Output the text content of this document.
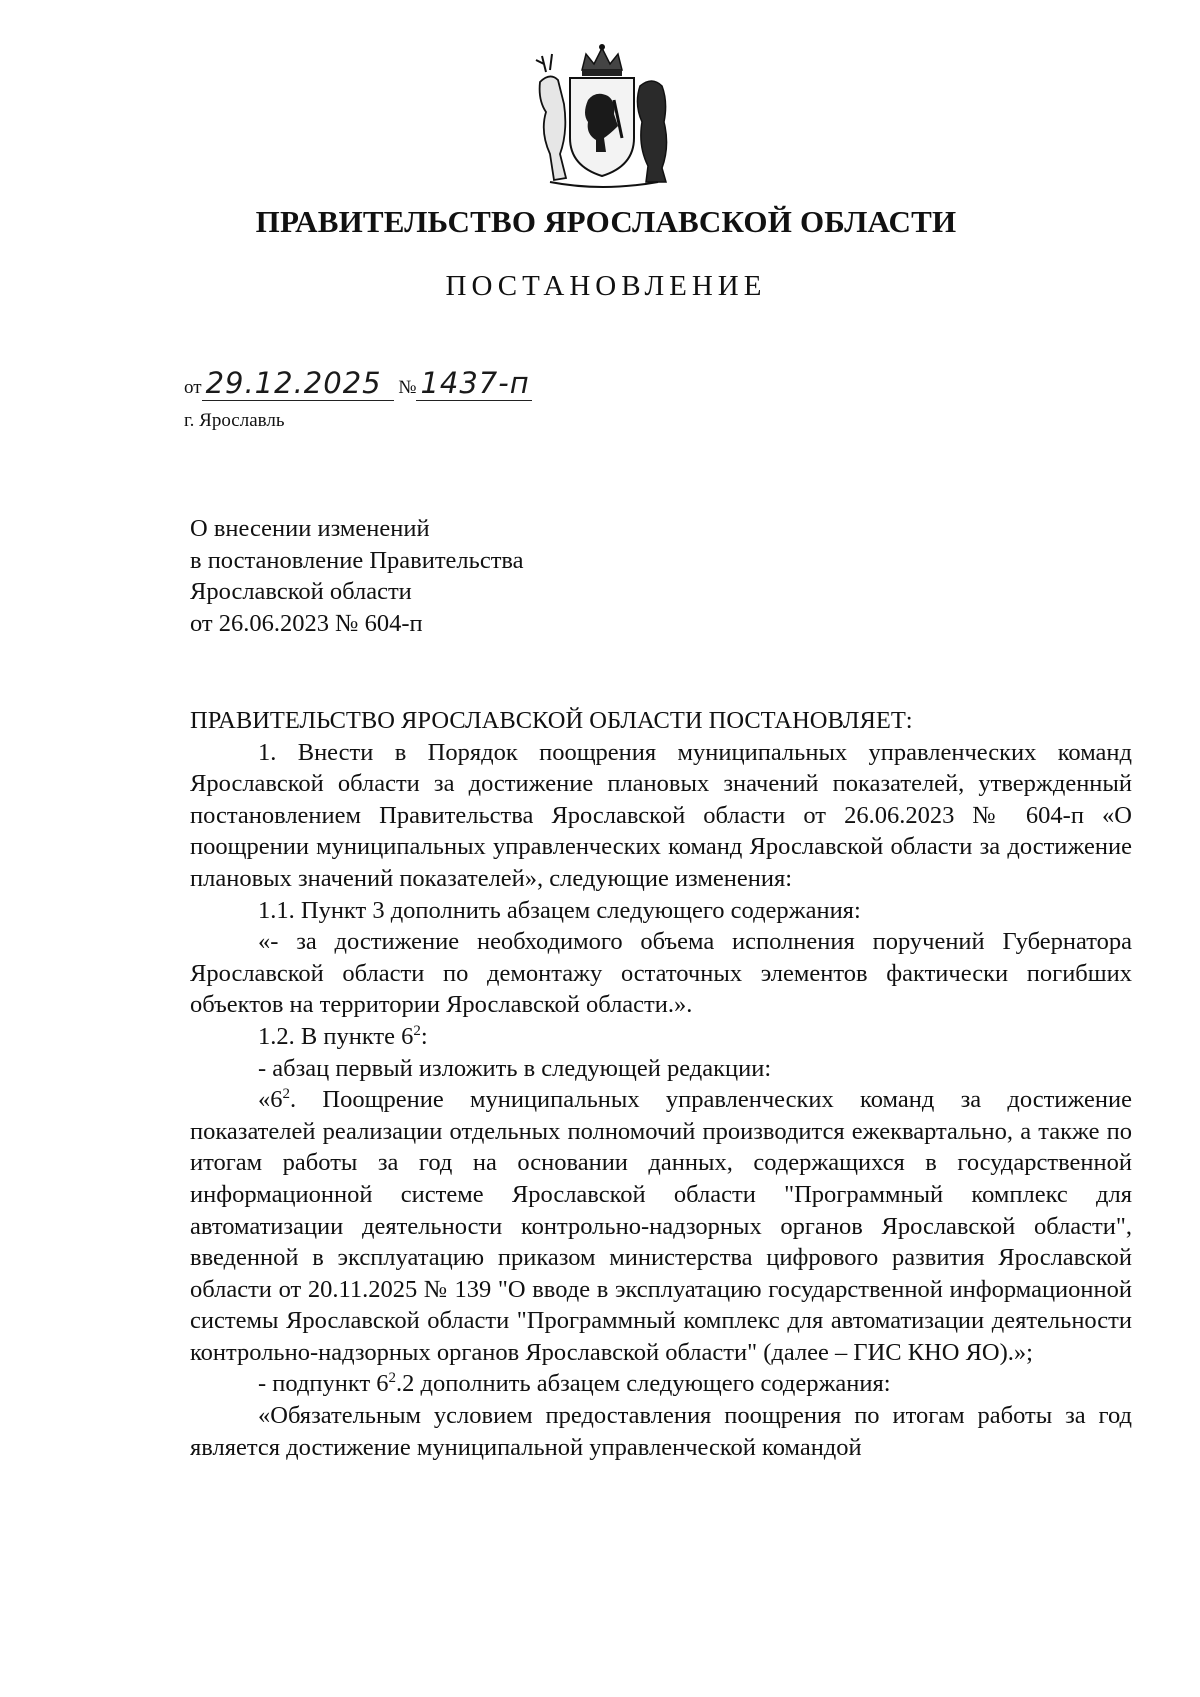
ПРАВИТЕЛЬСТВО ЯРОСЛАВСКОЙ ОБЛАСТИ
ПОСТАНОВЛЕНИЕ
от 29.12.2025 № 1437-п
г. Ярославль
О внесении изменений
в постановление Правительства
Ярославской области
от 26.06.2023 № 604-п

ПРАВИТЕЛЬСТВО ЯРОСЛАВСКОЙ ОБЛАСТИ ПОСТАНОВЛЯЕТ:

1. Внести в Порядок поощрения муниципальных управленческих команд Ярославской области за достижение плановых значений показателей, утвержденный постановлением Правительства Ярославской области от 26.06.2023 № 604-п «О поощрении муниципальных управленческих команд Ярославской области за достижение плановых значений показателей», следующие изменения:

1.1. Пункт 3 дополнить абзацем следующего содержания:

«- за достижение необходимого объема исполнения поручений Губернатора Ярославской области по демонтажу остаточных элементов фактически погибших объектов на территории Ярославской области.».

1.2. В пункте $6^2$:

- абзац первый изложить в следующей редакции:

«$6^2$. Поощрение муниципальных управленческих команд за достижение показателей реализации отдельных полномочий производится ежеквартально, а также по итогам работы за год на основании данных, содержащихся в государственной информационной системе Ярославской области "Программный комплекс для автоматизации деятельности контрольно-надзорных органов Ярославской области", введенной в эксплуатацию приказом министерства цифрового развития Ярославской области от 20.11.2025 № 139 "О вводе в эксплуатацию государственной информационной системы Ярославской области "Программный комплекс для автоматизации деятельности контрольно-надзорных органов Ярославской области" (далее – ГИС КНО ЯО).»;

- подпункт $6^2.2$ дополнить абзацем следующего содержания:

«Обязательным условием предоставления поощрения по итогам работы за год является достижение муниципальной управленческой командой
